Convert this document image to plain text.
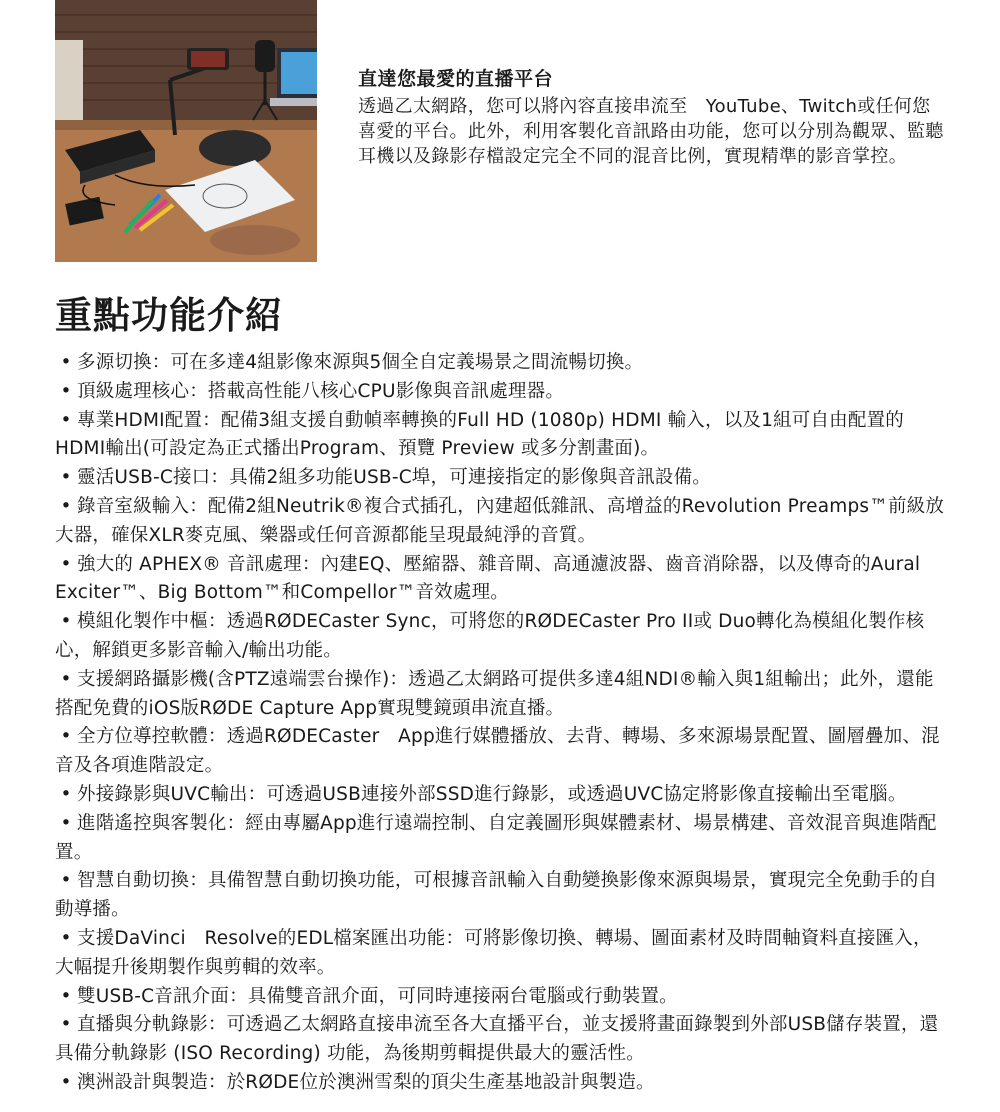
直達您最愛的直播平台

透過乙太網路，您可以將內容直接串流至　YouTube、Twitch或任何您喜愛的平台。此外，利用客製化音訊路由功能，您可以分別為觀眾、監聽耳機以及錄影存檔設定完全不同的混音比例，實現精準的影音掌控。

重點功能介紹
• 多源切換：可在多達4組影像來源與5個全自定義場景之間流暢切換。
• 頂級處理核心：搭載高性能八核心CPU影像與音訊處理器。
• 專業HDMI配置：配備3組支援自動幀率轉換的Full HD (1080p) HDMI 輸入，以及1組可自由配置的HDMI輸出(可設定為正式播出Program、預覽 Preview 或多分割畫面)。
• 靈活USB-C接口：具備2組多功能USB-C埠，可連接指定的影像與音訊設備。
• 錄音室級輸入：配備2組Neutrik®複合式插孔，內建超低雜訊、高增益的Revolution Preamps™前級放大器，確保XLR麥克風、樂器或任何音源都能呈現最純淨的音質。
• 強大的 APHEX® 音訊處理：內建EQ、壓縮器、雜音閘、高通濾波器、齒音消除器，以及傳奇的Aural Exciter™、Big Bottom™和Compellor™音效處理。
• 模組化製作中樞：透過RØDECaster Sync，可將您的RØDECaster Pro II或 Duo轉化為模組化製作核心，解鎖更多影音輸入/輸出功能。
• 支援網路攝影機(含PTZ遠端雲台操作)：透過乙太網路可提供多達4組NDI®輸入與1組輸出；此外，還能搭配免費的iOS版RØDE Capture App實現雙鏡頭串流直播。
• 全方位導控軟體：透過RØDECaster　App進行媒體播放、去背、轉場、多來源場景配置、圖層疊加、混音及各項進階設定。
• 外接錄影與UVC輸出：可透過USB連接外部SSD進行錄影，或透過UVC協定將影像直接輸出至電腦。
• 進階遙控與客製化：經由專屬App進行遠端控制、自定義圖形與媒體素材、場景構建、音效混音與進階配置。
• 智慧自動切換：具備智慧自動切換功能，可根據音訊輸入自動變換影像來源與場景，實現完全免動手的自動導播。
• 支援DaVinci　Resolve的EDL檔案匯出功能：可將影像切換、轉場、圖面素材及時間軸資料直接匯入，大幅提升後期製作與剪輯的效率。
• 雙USB-C音訊介面：具備雙音訊介面，可同時連接兩台電腦或行動裝置。
• 直播與分軌錄影：可透過乙太網路直接串流至各大直播平台，並支援將畫面錄製到外部USB儲存裝置，還具備分軌錄影 (ISO Recording) 功能，為後期剪輯提供最大的靈活性。
• 澳洲設計與製造：於RØDE位於澳洲雪梨的頂尖生產基地設計與製造。
